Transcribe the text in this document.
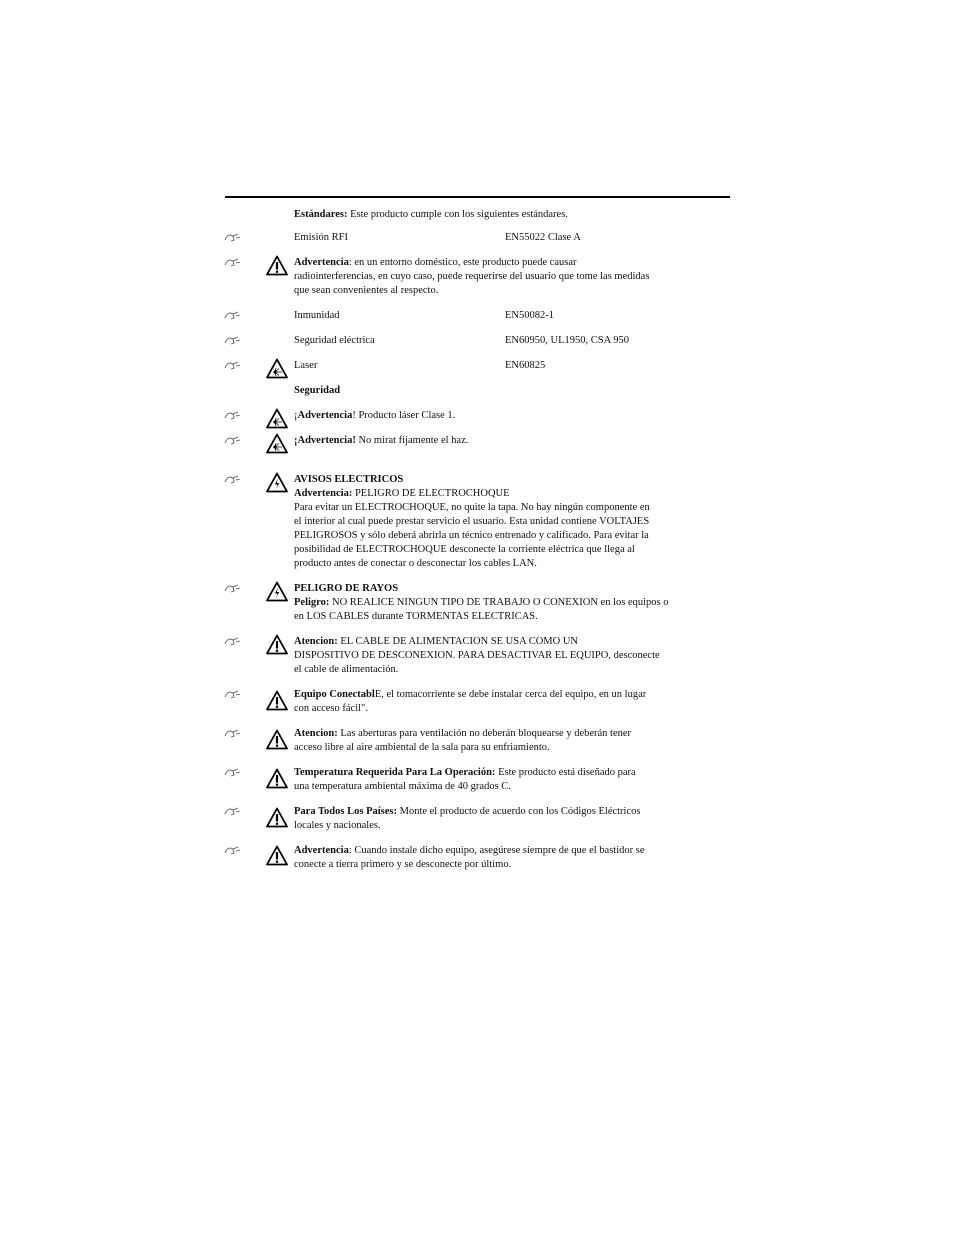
Estándares: Este producto cumple con los siguientes estándares.
Emisión RFI	EN55022 Clase A
Advertencia: en un entorno doméstico, este producto puede causar
radiointerferencias, en cuyo caso, puede requerirse del usuario que tome las medidas
que sean convenientes al respecto.
Inmunidad	EN50082-1
Seguridad eléctrica	EN60950, UL1950, CSA 950
Laser	EN60825
Seguridad
¡Advertencia! Producto láser Clase 1.
¡Advertencia! No mirat fijamente el haz.
AVISOS ELECTRICOS
Advertencia: PELIGRO DE ELECTROCHOQUE
Para evitar un ELECTROCHOQUE, no quite la tapa. No hay ningún componente en
el interior al cual puede prestar servicio el usuario. Esta unidad contiene VOLTAJES
PELIGROSOS y sólo deberá abrirla un técnico entrenado y calificado. Para evitar la
posibilidad de ELECTROCHOQUE desconecte la corriente eléctrica que llega al
producto antes de conectar o desconectar los cables LAN.
PELIGRO DE RAYOS
Peligro: NO REALICE NINGUN TIPO DE TRABAJO O CONEXION en los equipos o
en LOS CABLES durante TORMENTAS ELECTRICAS.
Atencion: EL CABLE DE ALIMENTACION SE USA COMO UN
DISPOSITIVO DE DESCONEXION. PARA DESACTIVAR EL EQUIPO, desconecte
el cable de alimentación.
Equipo ConectablE, el tomacorriente se debe instalar cerca del equipo, en un lugar
con acceso fácil".
Atencion: Las aberturas para ventilación no deberán bloquearse y deberán tener
acceso libre al aire ambiental de la sala para su enfriamiento.
Temperatura Requerida Para La Operación: Este producto está diseñado para
una temperatura ambiental máxima de 40 grados C.
Para Todos Los Países: Monte el producto de acuerdo con los Códigos Eléctricos
locales y nacionales.
Advertencia: Cuando instale dicho equipo, asegúrese siempre de que el bastidor se
conecte a tierra primero y se desconecte por último.
